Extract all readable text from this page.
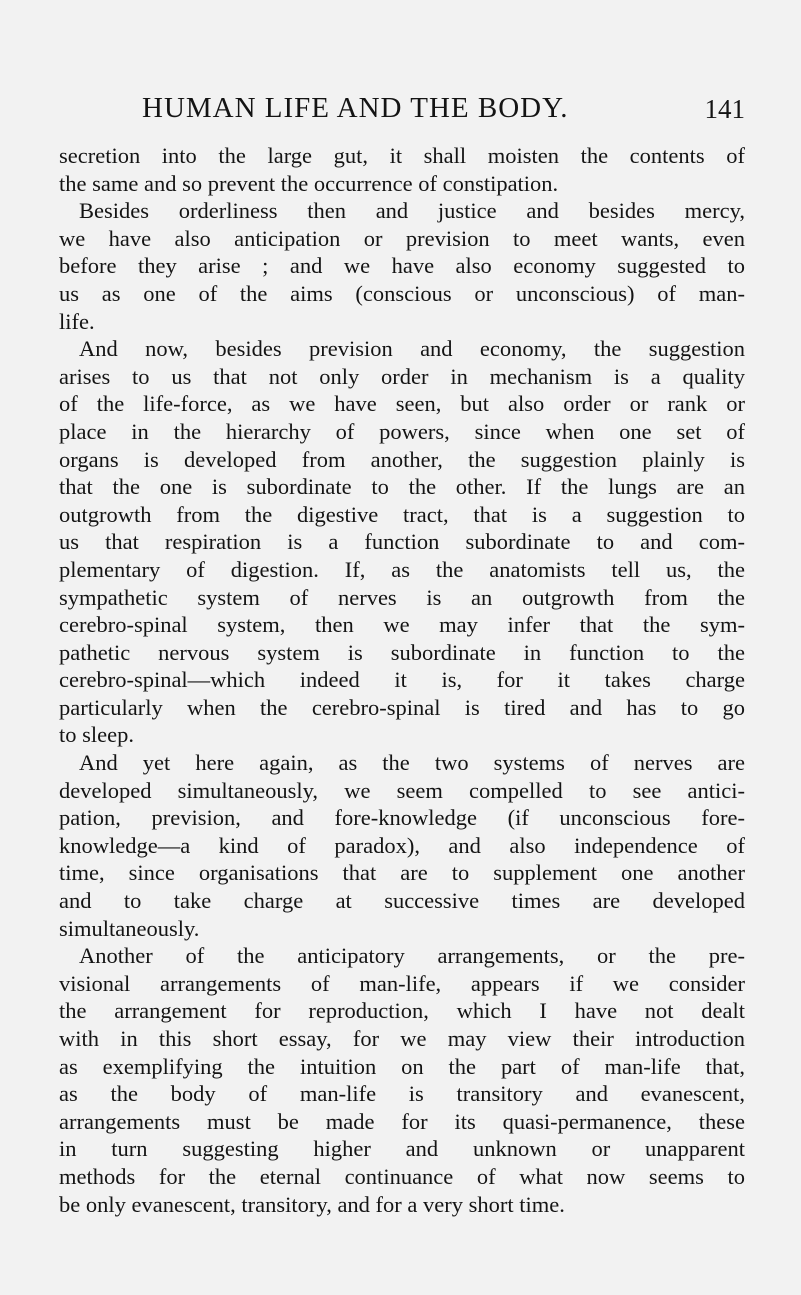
HUMAN LIFE AND THE BODY.	141
secretion into the large gut, it shall moisten the contents of
the same and so prevent the occurrence of constipation.
Besides orderliness then and justice and besides mercy,
we have also anticipation or prevision to meet wants, even
before they arise ; and we have also economy suggested to
us as one of the aims (conscious or unconscious) of man-
life.
And now, besides prevision and economy, the suggestion
arises to us that not only order in mechanism is a quality
of the life-force, as we have seen, but also order or rank or
place in the hierarchy of powers, since when one set of
organs is developed from another, the suggestion plainly is
that the one is subordinate to the other. If the lungs are an
outgrowth from the digestive tract, that is a suggestion to
us that respiration is a function subordinate to and com-
plementary of digestion. If, as the anatomists tell us, the
sympathetic system of nerves is an outgrowth from the
cerebro-spinal system, then we may infer that the sym-
pathetic nervous system is subordinate in function to the
cerebro-spinal—which indeed it is, for it takes charge
particularly when the cerebro-spinal is tired and has to go
to sleep.
And yet here again, as the two systems of nerves are
developed simultaneously, we seem compelled to see antici-
pation, prevision, and fore-knowledge (if unconscious fore-
knowledge—a kind of paradox), and also independence of
time, since organisations that are to supplement one another
and to take charge at successive times are developed
simultaneously.
Another of the anticipatory arrangements, or the pre-
visional arrangements of man-life, appears if we consider
the arrangement for reproduction, which I have not dealt
with in this short essay, for we may view their introduction
as exemplifying the intuition on the part of man-life that,
as the body of man-life is transitory and evanescent,
arrangements must be made for its quasi-permanence, these
in turn suggesting higher and unknown or unapparent
methods for the eternal continuance of what now seems to
be only evanescent, transitory, and for a very short time.
